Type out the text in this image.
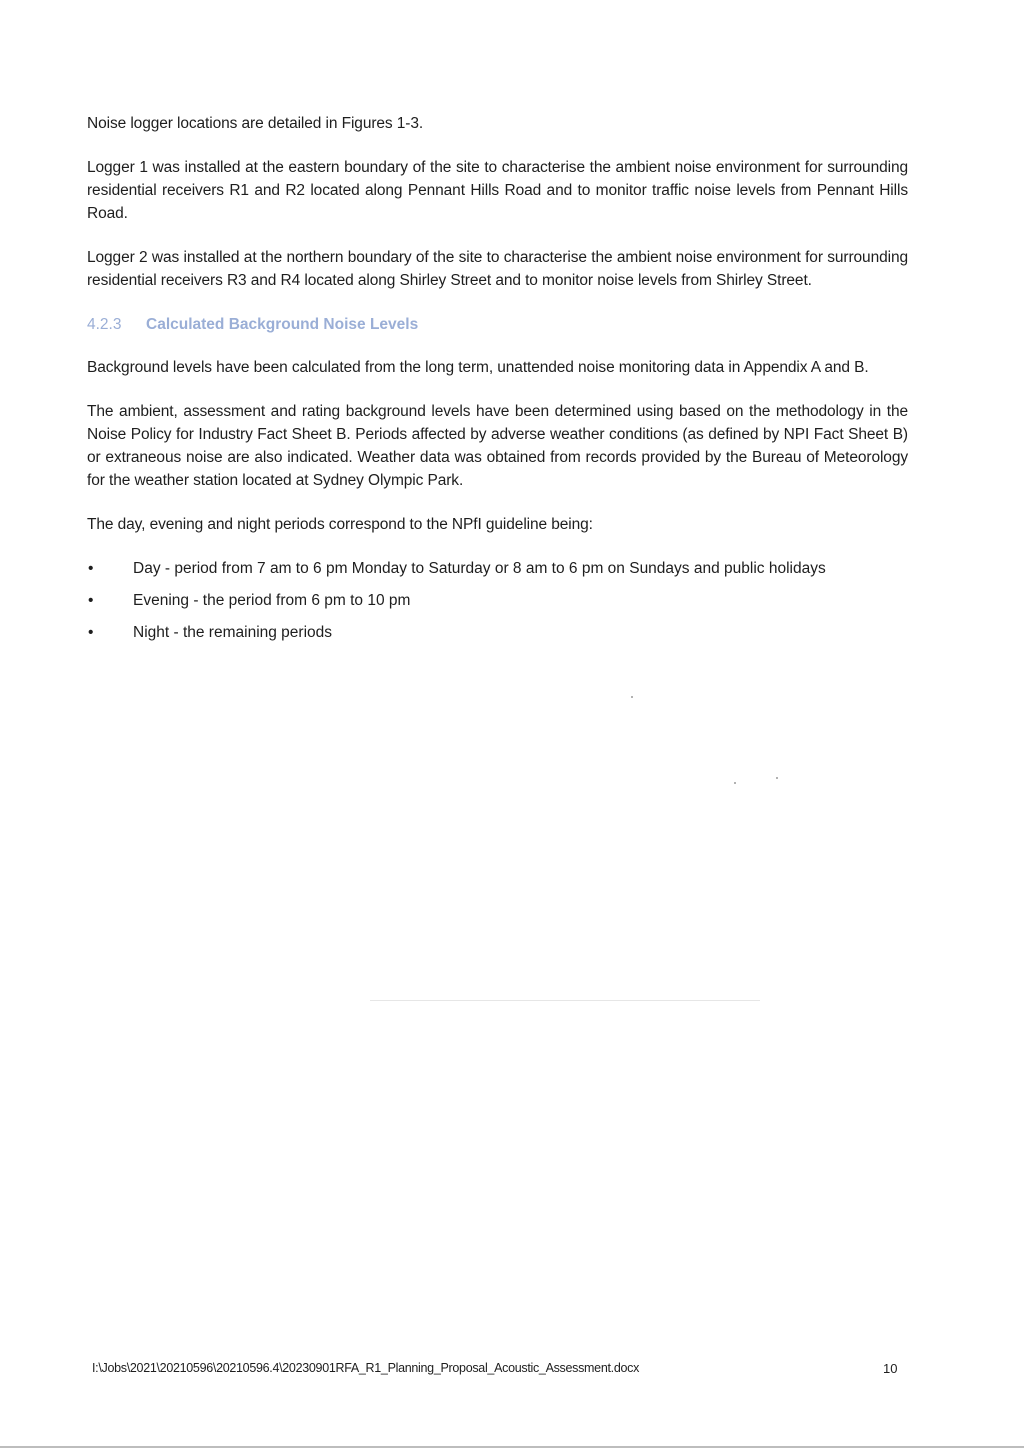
Noise logger locations are detailed in Figures 1-3.

Logger 1 was installed at the eastern boundary of the site to characterise the ambient noise environment for surrounding residential receivers R1 and R2 located along Pennant Hills Road and to monitor traffic noise levels from Pennant Hills Road.

Logger 2 was installed at the northern boundary of the site to characterise the ambient noise environment for surrounding residential receivers R3 and R4 located along Shirley Street and to monitor noise levels from Shirley Street.

4.2.3	Calculated Background Noise Levels

Background levels have been calculated from the long term, unattended noise monitoring data in Appendix A and B.

The ambient, assessment and rating background levels have been determined using based on the methodology in the Noise Policy for Industry Fact Sheet B. Periods affected by adverse weather conditions (as defined by NPI Fact Sheet B) or extraneous noise are also indicated. Weather data was obtained from records provided by the Bureau of Meteorology for the weather station located at Sydney Olympic Park.

The day, evening and night periods correspond to the NPfI guideline being:

•	Day - period from 7 am to 6 pm Monday to Saturday or 8 am to 6 pm on Sundays and public holidays
•	Evening - the period from 6 pm to 10 pm
•	Night - the remaining periods
I:\Jobs\2021\20210596\20210596.4\20230901RFA_R1_Planning_Proposal_Acoustic_Assessment.docx	10
